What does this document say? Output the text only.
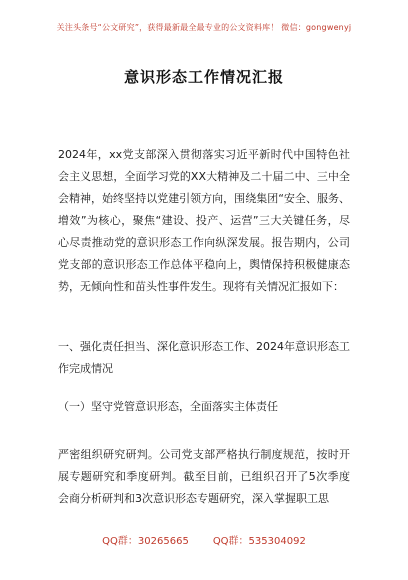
关注头条号“公文研究”，获得最新最全最专业的公文资料库！ 微信：gongwenyj
意识形态工作情况汇报
2024年，xx党支部深入贯彻落实习近平新时代中国特色社会主义思想，全面学习党的XX大精神及二十届二中、三中全会精神，始终坚持以党建引领方向，围绕集团“安全、服务、增效”为核心，聚焦“建设、投产、运营”三大关键任务，尽心尽责推动党的意识形态工作向纵深发展。报告期内，公司党支部的意识形态工作总体平稳向上，舆情保持积极健康态势，无倾向性和苗头性事件发生。现将有关情况汇报如下：
一、强化责任担当、深化意识形态工作、2024年意识形态工作完成情况
（一）坚守党管意识形态，全面落实主体责任
严密组织研究研判。公司党支部严格执行制度规范，按时开展专题研究和季度研判。截至目前，已组织召开了5次季度会商分析研判和3次意识形态专题研究，深入掌握职工思
QQ群：30265665 QQ群：535304092
